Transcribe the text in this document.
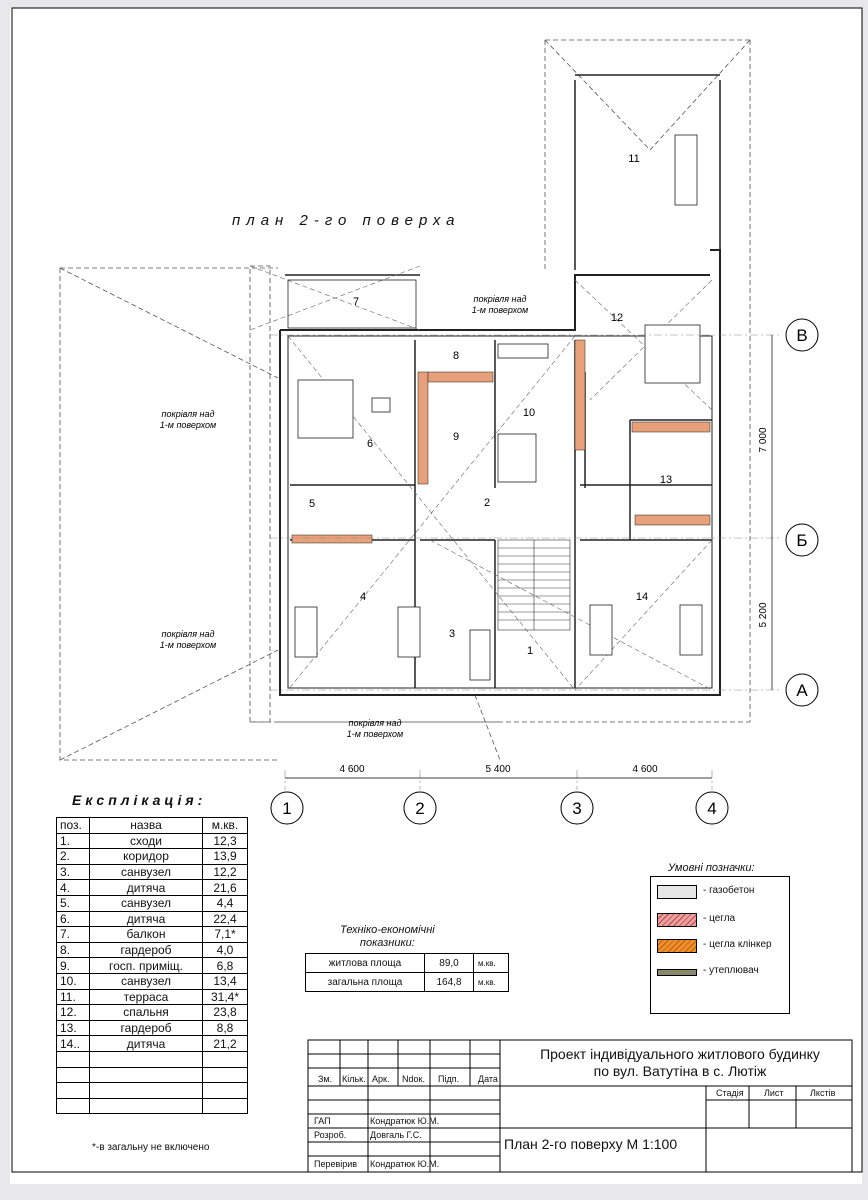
1	2	3	4
В
Б
А
4 600	5 400	4 600
7 000
5 200
1
2
3
4
5
6
7
8
9
10
11
12
13
14
покрівля над 1-м поверхом
покрівля над 1-м поверхом
покрівля над 1-м поверхом
покрівля над 1-м поверхом
план 2-го поверха
Експлікація:
поз.	назва	м.кв.
1.	сходи	12,3
2.	коридор	13,9
3.	санвузел	12,2
4.	дитяча	21,6
5.	санвузел	4,4
6.	дитяча	22,4
7.	балкон	7,1*
8.	гардероб	4,0
9.	госп. приміщ.	6,8
10.	санвузел	13,4
11.	терраса	31,4*
12.	спальня	23,8
13.	гардероб	8,8
14..	дитяча	21,2

*-в загальну не включено
Техніко-економічні
показники:
житлова площа	89,0	м.кв.
загальна площа	164,8	м.кв.
Умовні позначки:
- газобетон
- цегла
- цегла клінкер
- утеплювач
Проект індивідуального житлового будинку
по вул. Ватутіна в с. Лютіж
План 2-го поверху М 1:100
Зм. Кільк. Арк. Ndок. Підп. Дата
Стадія Лист	Лкстів
ГАП	Кондратюк Ю.М.
Розроб.	Довгаль Г.С.
Перевірив Кондратюк Ю.М.
